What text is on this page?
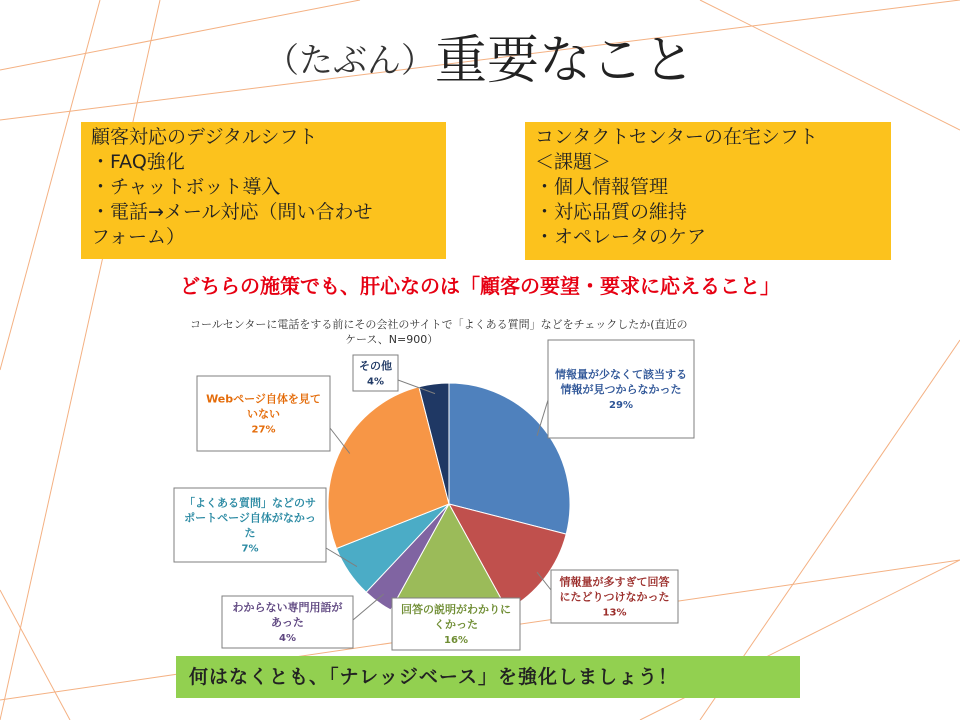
（たぶん）重要なこと
顧客対応のデジタルシフト
・FAQ強化
・チャットボット導入
・電話→メール対応（問い合わせ
フォーム）
コンタクトセンターの在宅シフト
＜課題＞
・個人情報管理
・対応品質の維持
・オペレータのケア
どちらの施策でも、肝心なのは「顧客の要望・要求に応えること」
コールセンターに電話をする前にその会社のサイトで「よくある質問」などをチェックしたか(直近の
ケース、N=900）
情報量が少なくて該当する
情報が見つからなかった
29%
情報量が多すぎて回答
にたどりつけなかった
13%
回答の説明がわかりに
くかった
16%
わからない専門用語が
あった
4%
「よくある質問」などのサ
ポートページ自体がなかっ
た
7%
Webページ自体を見て
いない
27%
その他
4%
何はなくとも、「ナレッジベース」を強化しましょう！
